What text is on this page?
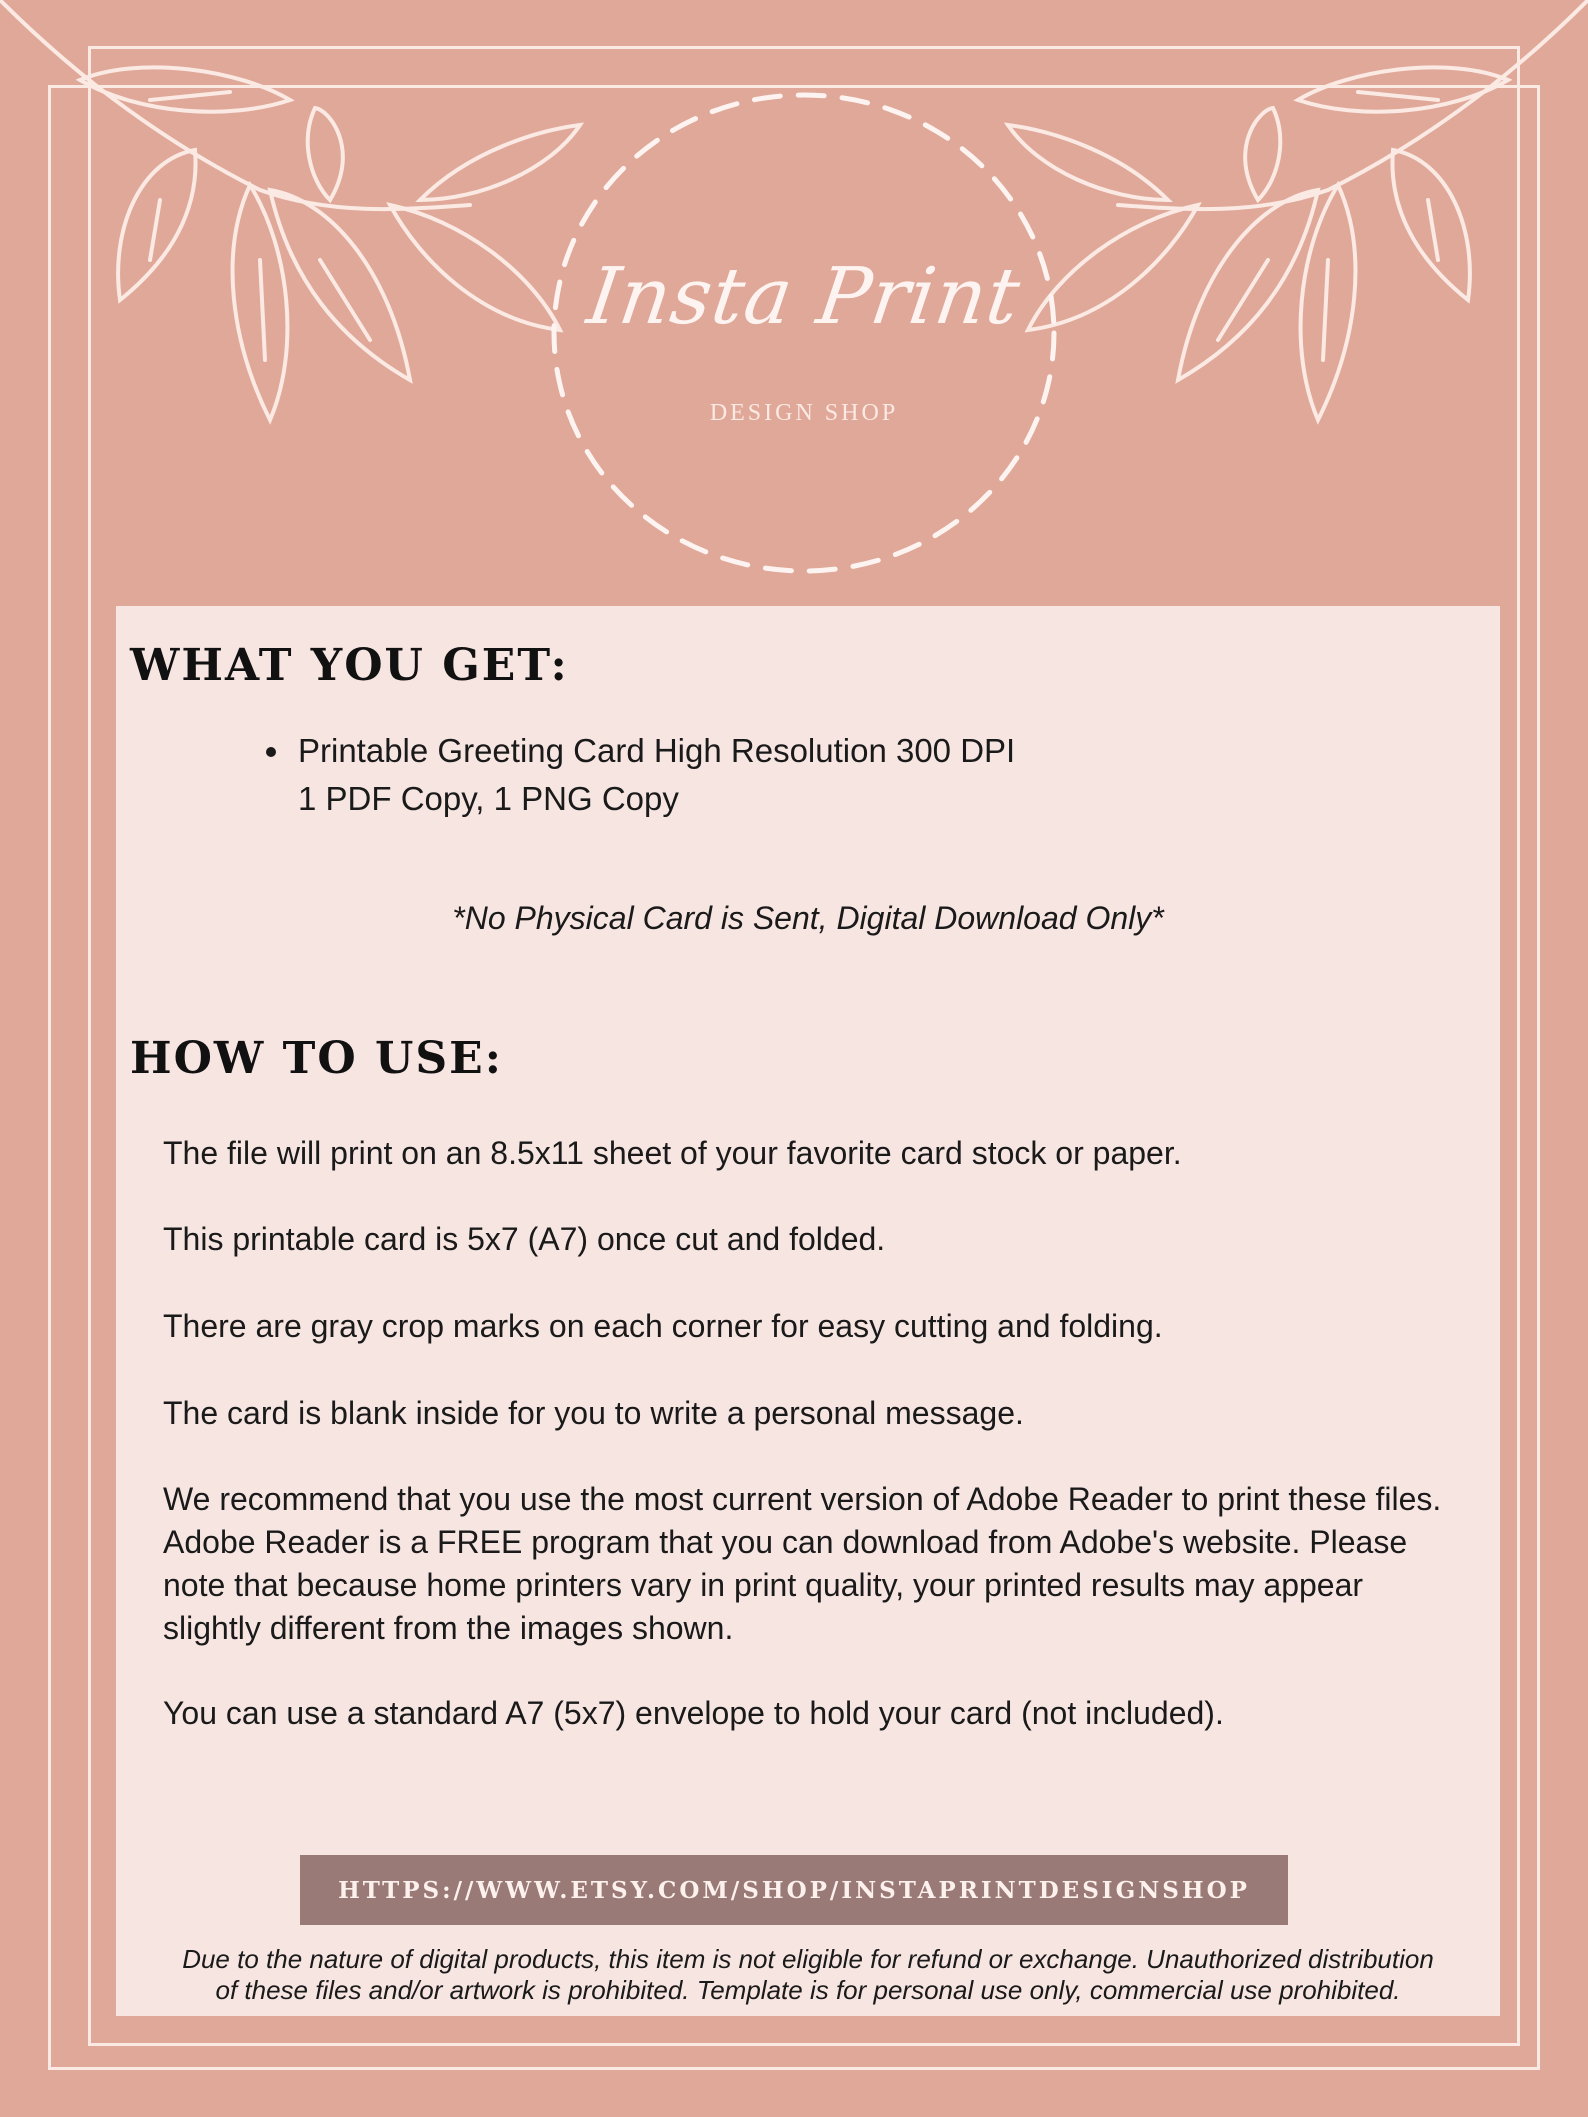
Insta Print
DESIGN SHOP
WHAT YOU GET:
Printable Greeting Card High Resolution 300 DPI
1 PDF Copy, 1 PNG Copy
*No Physical Card is Sent, Digital Download Only*
HOW TO USE:

The file will print on an 8.5x11 sheet of your favorite card stock or paper.

This printable card is 5x7 (A7) once cut and folded.

There are gray crop marks on each corner for easy cutting and folding.

The card is blank inside for you to write a personal message.

We recommend that you use the most current version of Adobe Reader to print these files. Adobe Reader is a FREE program that you can download from Adobe's website. Please note that because home printers vary in print quality, your printed results may appear slightly different from the images shown.

You can use a standard A7 (5x7) envelope to hold your card (not included).

HTTPS://WWW.ETSY.COM/SHOP/INSTAPRINTDESIGNSHOP

Due to the nature of digital products, this item is not eligible for refund or exchange. Unauthorized distribution
of these files and/or artwork is prohibited. Template is for personal use only, commercial use prohibited.
